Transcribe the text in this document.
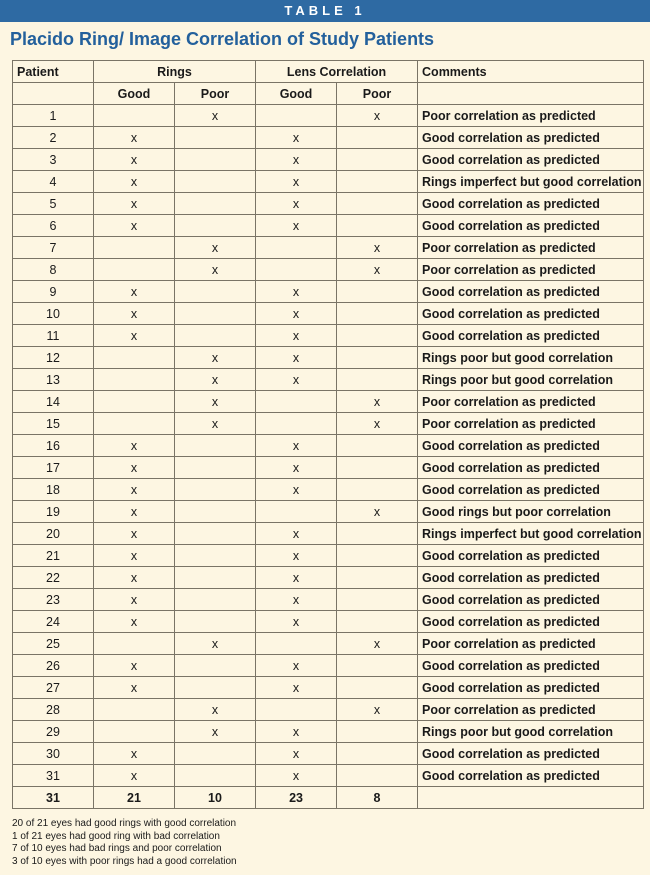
TABLE 1
Placido Ring/ Image Correlation of Study Patients
Patient	Rings		Lens Correlation		Comments
	Good	Poor	Good	Poor	
1		x		x	Poor correlation as predicted
2	x		x		Good correlation as predicted
3	x		x		Good correlation as predicted
4	x		x		Rings imperfect but good correlation
5	x		x		Good correlation as predicted
6	x		x		Good correlation as predicted
7		x		x	Poor correlation as predicted
8		x		x	Poor correlation as predicted
9	x		x		Good correlation as predicted
10	x		x		Good correlation as predicted
11	x		x		Good correlation as predicted
12		x	x		Rings poor but good correlation
13		x	x		Rings poor but good correlation
14		x		x	Poor correlation as predicted
15		x		x	Poor correlation as predicted
16	x		x		Good correlation as predicted
17	x		x		Good correlation as predicted
18	x		x		Good correlation as predicted
19	x			x	Good rings but poor correlation
20	x		x		Rings imperfect but good correlation
21	x		x		Good correlation as predicted
22	x		x		Good correlation as predicted
23	x		x		Good correlation as predicted
24	x		x		Good correlation as predicted
25		x		x	Poor correlation as predicted
26	x		x		Good correlation as predicted
27	x		x		Good correlation as predicted
28		x		x	Poor correlation as predicted
29		x	x		Rings poor but good correlation
30	x		x		Good correlation as predicted
31	x		x		Good correlation as predicted
31	21	10	23	8	
20 of 21 eyes had good rings with good correlation
1 of 21 eyes had good ring with bad correlation
7 of 10 eyes had bad rings and poor correlation
3 of 10 eyes with poor rings had a good correlation
